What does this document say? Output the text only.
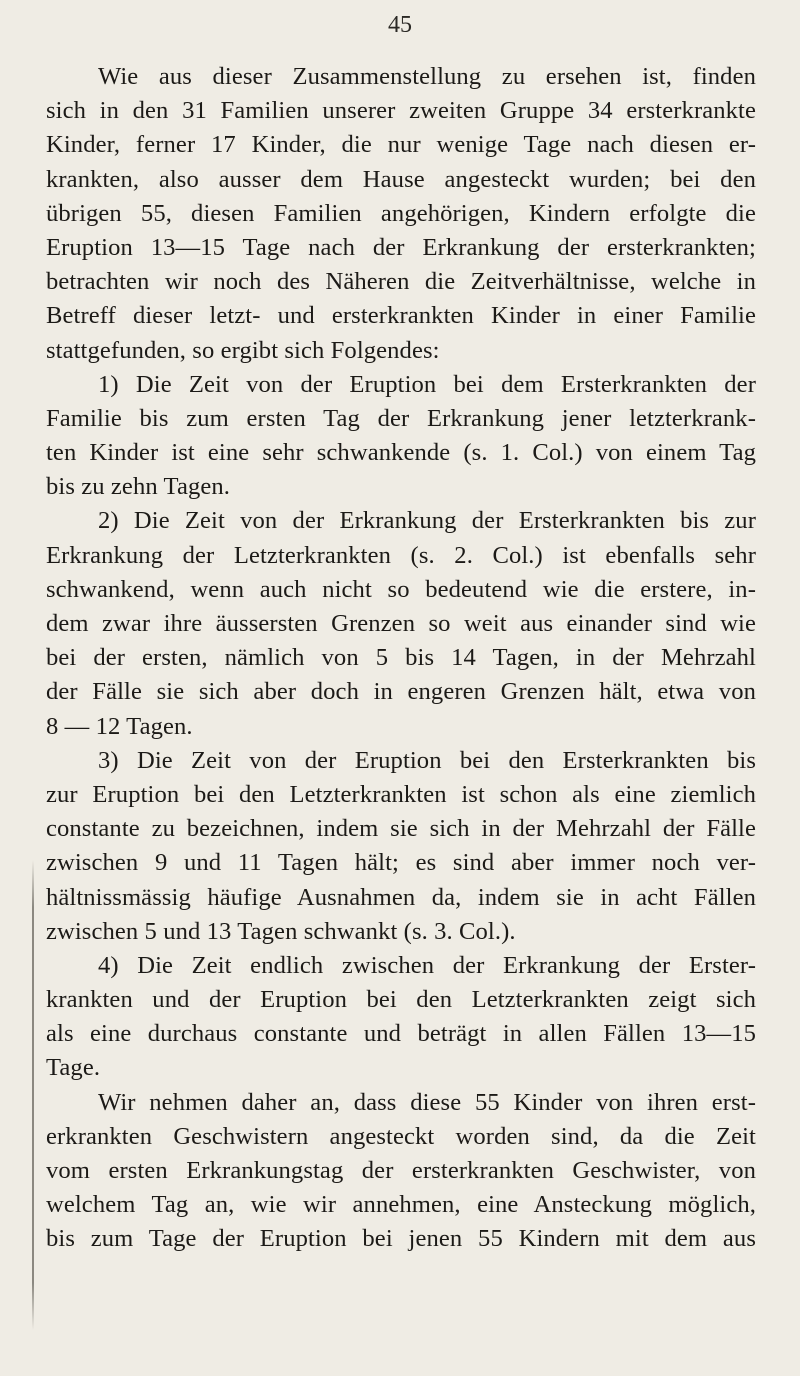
45
Wie aus dieser Zusammenstellung zu ersehen ist, finden
sich in den 31 Familien unserer zweiten Gruppe 34 ersterkrankte
Kinder, ferner 17 Kinder, die nur wenige Tage nach diesen er-
krankten, also ausser dem Hause angesteckt wurden; bei den
übrigen 55, diesen Familien angehörigen, Kindern erfolgte die
Eruption 13—15 Tage nach der Erkrankung der ersterkrankten;
betrachten wir noch des Näheren die Zeitverhältnisse, welche in
Betreff dieser letzt- und ersterkrankten Kinder in einer Familie
stattgefunden, so ergibt sich Folgendes:
1) Die Zeit von der Eruption bei dem Ersterkrankten der
Familie bis zum ersten Tag der Erkrankung jener letzterkrank-
ten Kinder ist eine sehr schwankende (s. 1. Col.) von einem Tag
bis zu zehn Tagen.
2) Die Zeit von der Erkrankung der Ersterkrankten bis zur
Erkrankung der Letzterkrankten (s. 2. Col.) ist ebenfalls sehr
schwankend, wenn auch nicht so bedeutend wie die erstere, in-
dem zwar ihre äussersten Grenzen so weit aus einander sind wie
bei der ersten, nämlich von 5 bis 14 Tagen, in der Mehrzahl
der Fälle sie sich aber doch in engeren Grenzen hält, etwa von
8 — 12 Tagen.
3) Die Zeit von der Eruption bei den Ersterkrankten bis
zur Eruption bei den Letzterkrankten ist schon als eine ziemlich
constante zu bezeichnen, indem sie sich in der Mehrzahl der Fälle
zwischen 9 und 11 Tagen hält; es sind aber immer noch ver-
hältnissmässig häufige Ausnahmen da, indem sie in acht Fällen
zwischen 5 und 13 Tagen schwankt (s. 3. Col.).
4) Die Zeit endlich zwischen der Erkrankung der Erster-
krankten und der Eruption bei den Letzterkrankten zeigt sich
als eine durchaus constante und beträgt in allen Fällen 13—15
Tage.
Wir nehmen daher an, dass diese 55 Kinder von ihren erst-
erkrankten Geschwistern angesteckt worden sind, da die Zeit
vom ersten Erkrankungstag der ersterkrankten Geschwister, von
welchem Tag an, wie wir annehmen, eine Ansteckung möglich,
bis zum Tage der Eruption bei jenen 55 Kindern mit dem aus
